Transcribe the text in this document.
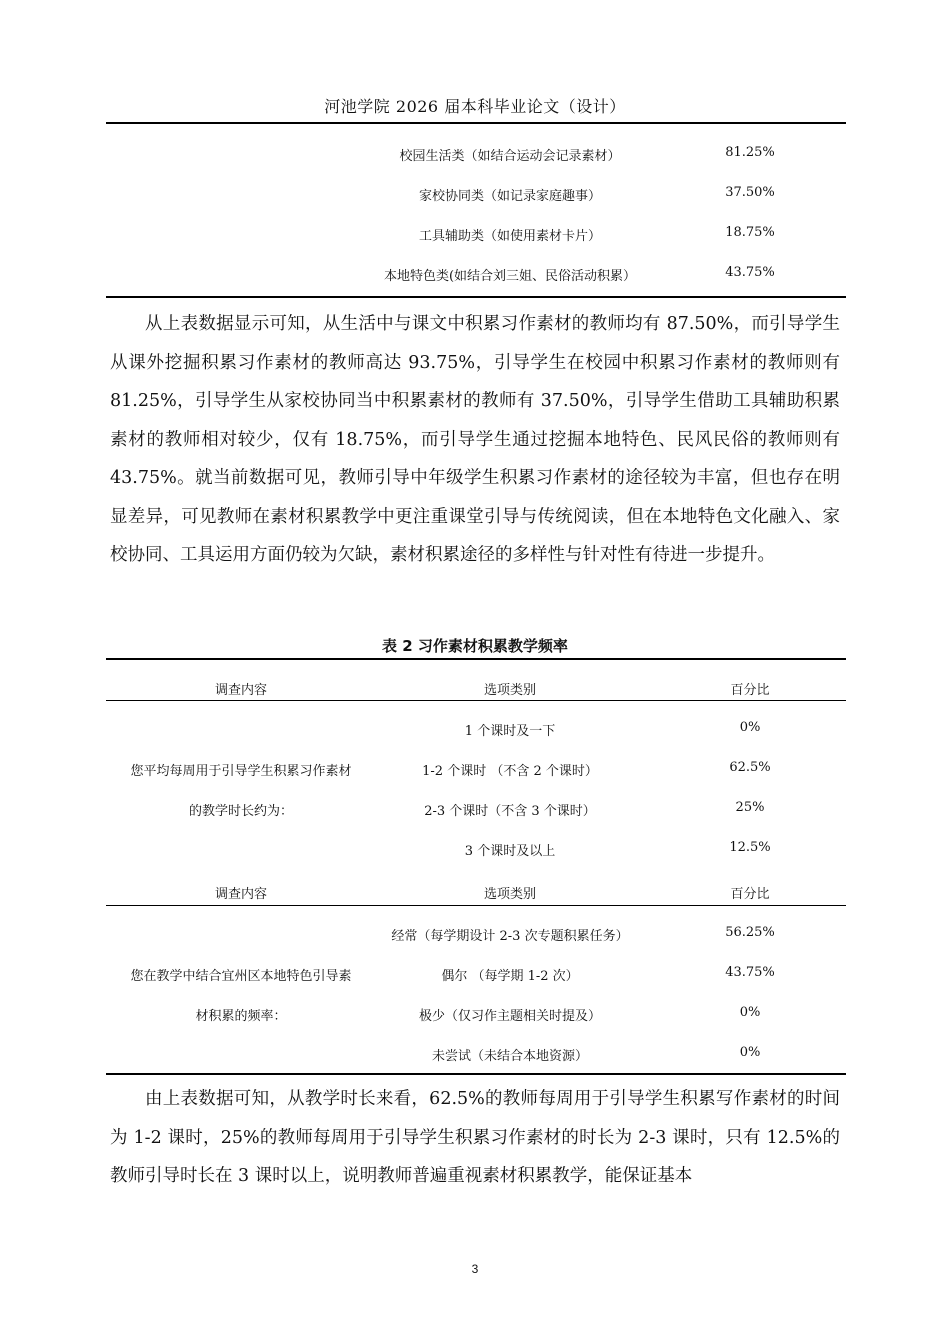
河池学院 2026 届本科毕业论文（设计）
校园生活类（如结合运动会记录素材）	81.25%
家校协同类（如记录家庭趣事）	37.50%
工具辅助类（如使用素材卡片）	18.75%
本地特色类(如结合刘三姐、民俗活动积累）	43.75%

从上表数据显示可知，从生活中与课文中积累习作素材的教师均有 87.50%，而引导学生从课外挖掘积累习作素材的教师高达 93.75%，引导学生在校园中积累习作素材的教师则有 81.25%，引导学生从家校协同当中积累素材的教师有 37.50%，引导学生借助工具辅助积累素材的教师相对较少，仅有 18.75%，而引导学生通过挖掘本地特色、民风民俗的教师则有 43.75%。就当前数据可见，教师引导中年级学生积累习作素材的途径较为丰富，但也存在明显差异，可见教师在素材积累教学中更注重课堂引导与传统阅读，但在本地特色文化融入、家校协同、工具运用方面仍较为欠缺，素材积累途径的多样性与针对性有待进一步提升。

表 2 习作素材积累教学频率
调查内容	选项类别	百分比
您平均每周用于引导学生积累习作素材
的教学时长约为：
1 个课时及一下	0%
1-2 个课时 （不含 2 个课时）	62.5%
2-3 个课时（不含 3 个课时）	25%
3 个课时及以上	12.5%
调查内容	选项类别	百分比
您在教学中结合宜州区本地特色引导素
材积累的频率：
经常（每学期设计 2-3 次专题积累任务）	56.25%
偶尔 （每学期 1-2 次）	43.75%
极少（仅习作主题相关时提及）	0%
未尝试（未结合本地资源）	0%

由上表数据可知，从教学时长来看，62.5%的教师每周用于引导学生积累写作素材的时间为 1-2 课时，25%的教师每周用于引导学生积累习作素材的时长为 2-3 课时，只有 12.5%的教师引导时长在 3 课时以上，说明教师普遍重视素材积累教学，能保证基本

3
